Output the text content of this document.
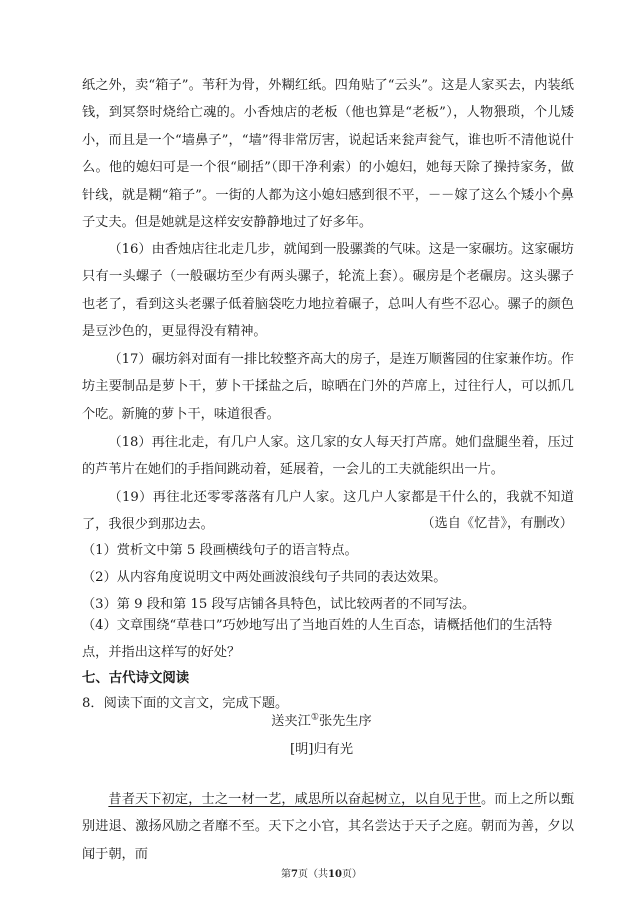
纸之外，卖“箱子”。苇秆为骨，外糊红纸。四角贴了“云头”。这是人家买去，内装纸钱，到冥祭时烧给亡魂的。小香烛店的老板（他也算是“老板”），人物猥琐，个儿矮小，而且是一个“墙鼻子”，“墙”得非常厉害，说起话来瓮声瓮气，谁也听不清他说什么。他的媳妇可是一个很“刷括”（即干净利索）的小媳妇，她每天除了操持家务，做针线，就是糊“箱子”。一街的人都为这小媳妇感到很不平，－－嫁了这么个矮小个鼻子丈夫。但是她就是这样安安静静地过了好多年。

（16）由香烛店往北走几步，就闻到一股骡粪的气味。这是一家碾坊。这家碾坊只有一头螺子（一般碾坊至少有两头骡子，轮流上套）。碾房是个老碾房。这头骡子也老了，看到这头老骡子低着脑袋吃力地拉着碾子，总叫人有些不忍心。骡子的颜色是豆沙色的，更显得没有精神。

（17）碾坊斜对面有一排比较整齐高大的房子，是连万顺酱园的住家兼作坊。作坊主要制品是萝卜干，萝卜干揉盐之后，晾晒在门外的芦席上，过往行人，可以抓几个吃。新腌的萝卜干，味道很香。

（18）再往北走，有几户人家。这几家的女人每天打芦席。她们盘腿坐着，压过的芦苇片在她们的手指间跳动着，延展着，一会儿的工夫就能织出一片。

（19）再往北还零零落落有几户人家。这几户人家都是干什么的，我就不知道了，我很少到那边去。	（选自《忆昔》，有删改）

（1）赏析文中第 5 段画横线句子的语言特点。

（2）从内容角度说明文中两处画波浪线句子共同的表达效果。

（3）第 9 段和第 15 段写店铺各具特色，试比较两者的不同写法。

（4）文章围绕“草巷口”巧妙地写出了当地百姓的人生百态，请概括他们的生活特点，并指出这样写的好处？

七、古代诗文阅读

8．阅读下面的文言文，完成下题。

送夹江①张先生序

[明]归有光

昔者天下初定，士之一材一艺，咸思所以奋起树立，以自见于世。而上之所以甄别进退、激扬风励之者靡不至。天下之小官，其名尝达于天子之庭。朝而为善，夕以闻于朝，而

第7页（共10页）
